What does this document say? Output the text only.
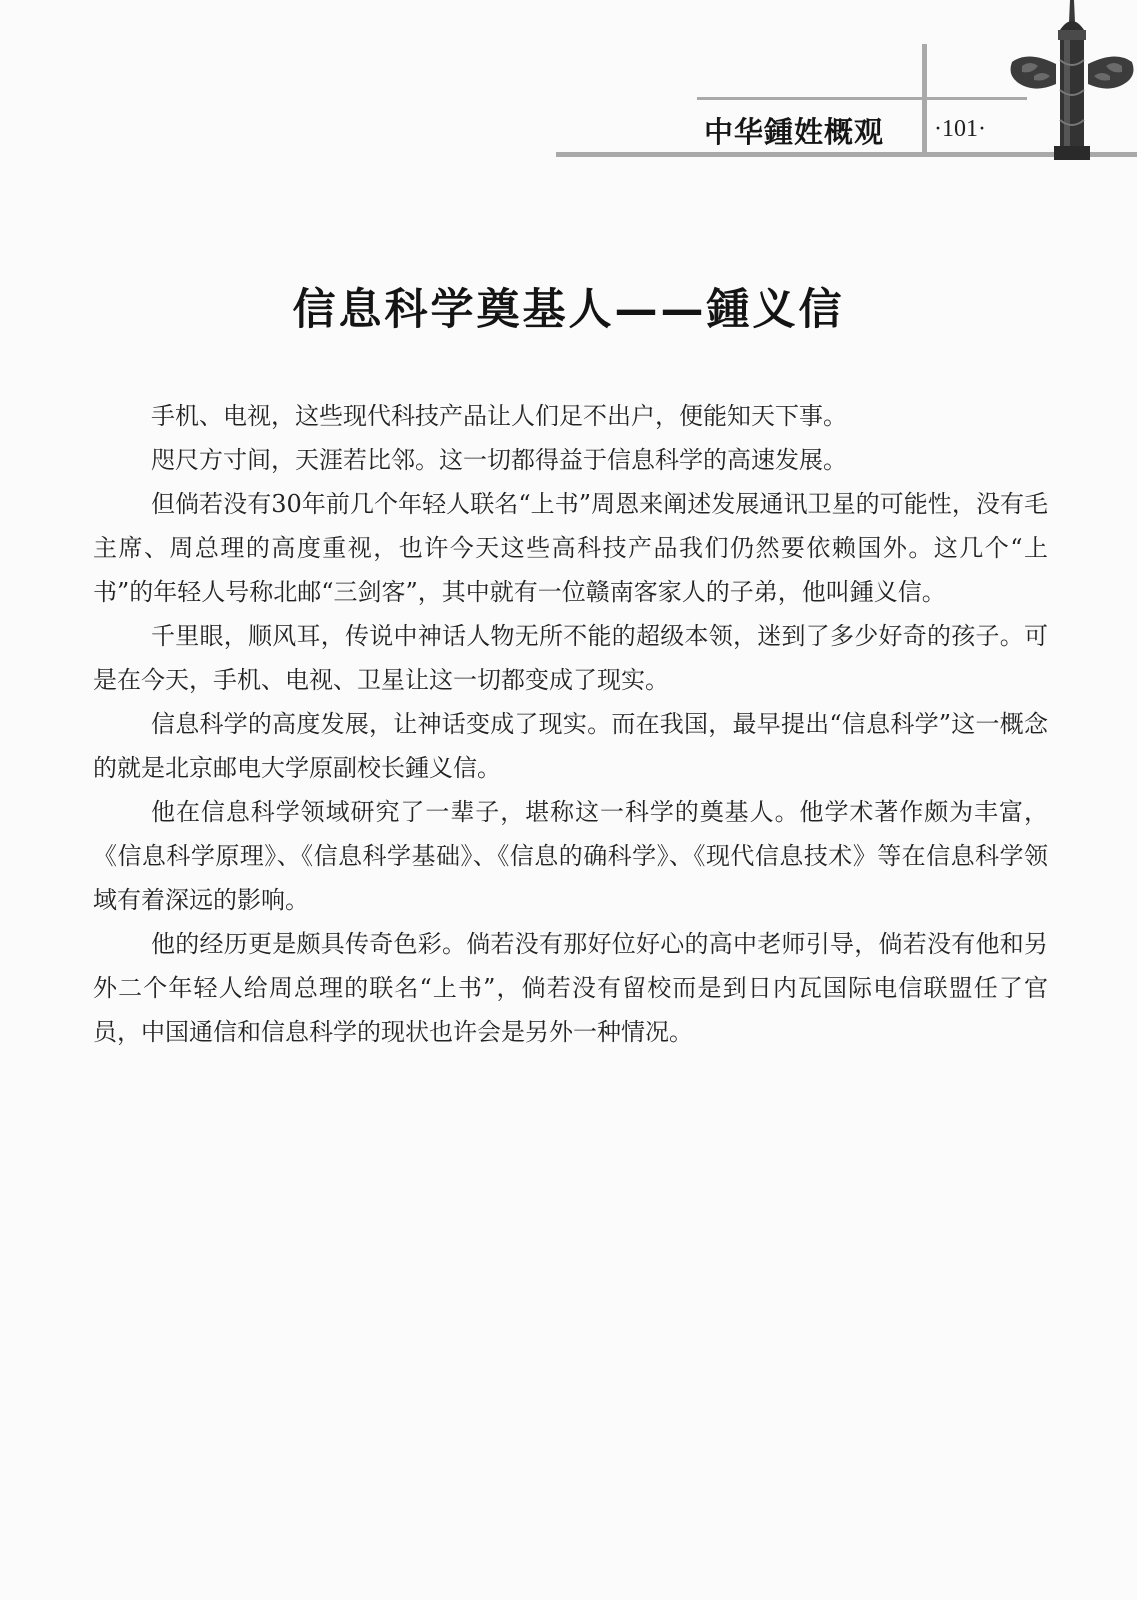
中华鍾姓概观 ·101·
信息科学奠基人——鍾义信

手机、电视，这些现代科技产品让人们足不出户，便能知天下事。

咫尺方寸间，天涯若比邻。这一切都得益于信息科学的高速发展。

但倘若没有30年前几个年轻人联名“上书”周恩来阐述发展通讯卫星的可能性，没有毛主席、周总理的高度重视，也许今天这些高科技产品我们仍然要依赖国外。这几个“上书”的年轻人号称北邮“三剑客”，其中就有一位赣南客家人的子弟，他叫鍾义信。

千里眼，顺风耳，传说中神话人物无所不能的超级本领，迷到了多少好奇的孩子。可是在今天，手机、电视、卫星让这一切都变成了现实。

信息科学的高度发展，让神话变成了现实。而在我国，最早提出“信息科学”这一概念的就是北京邮电大学原副校长鍾义信。

他在信息科学领域研究了一辈子，堪称这一科学的奠基人。他学术著作颇为丰富，《信息科学原理》、《信息科学基础》、《信息的确科学》、《现代信息技术》等在信息科学领域有着深远的影响。

他的经历更是颇具传奇色彩。倘若没有那好位好心的高中老师引导，倘若没有他和另外二个年轻人给周总理的联名“上书”，倘若没有留校而是到日内瓦国际电信联盟任了官员，中国通信和信息科学的现状也许会是另外一种情况。
